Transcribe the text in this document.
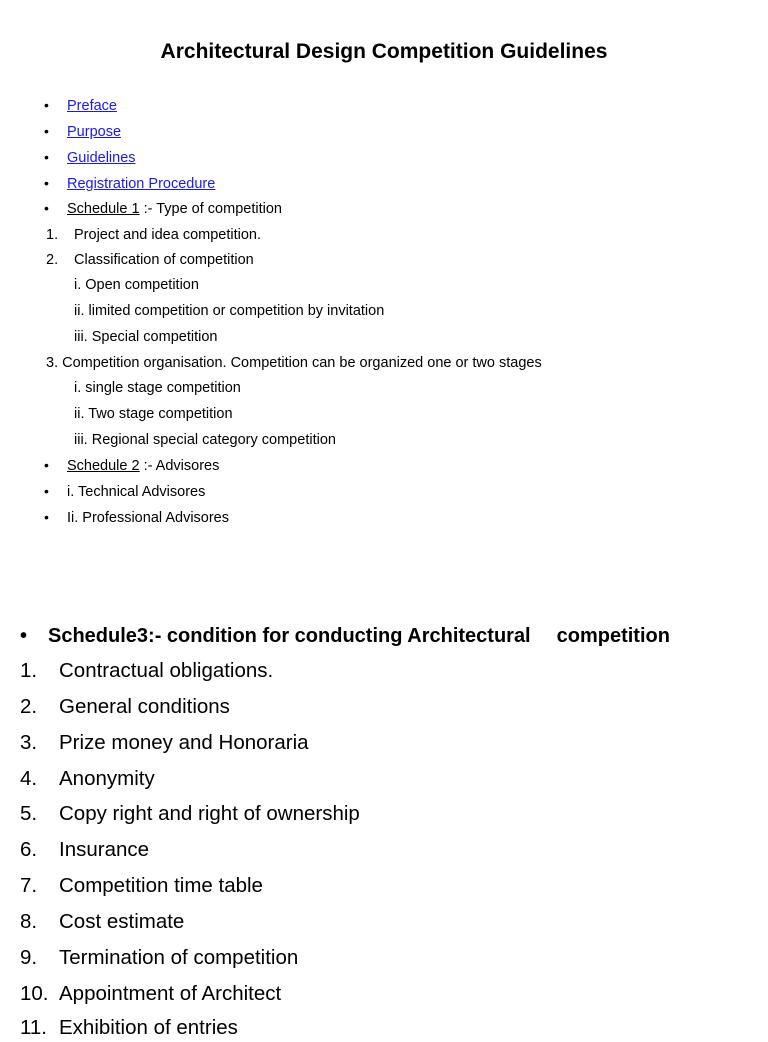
Architectural Design Competition Guidelines
• Preface
• Purpose
• Guidelines
• Registration Procedure
• Schedule 1 :- Type of competition
1. Project and idea competition.
2. Classification of competition
i. Open competition
ii. limited competition or competition by invitation
iii. Special competition
3. Competition organisation. Competition can be organized one or two stages
i. single stage competition
ii. Two stage competition
iii. Regional special category competition
• Schedule 2 :- Advisores
• i. Technical Advisores
• Ii. Professional Advisores
• Schedule3:- condition for conducting Architectural competition
1. Contractual obligations.
2. General conditions
3. Prize money and Honoraria
4. Anonymity
5. Copy right and right of ownership
6. Insurance
7. Competition time table
8. Cost estimate
9. Termination of competition
10. Appointment of Architect
11. Exhibition of entries
